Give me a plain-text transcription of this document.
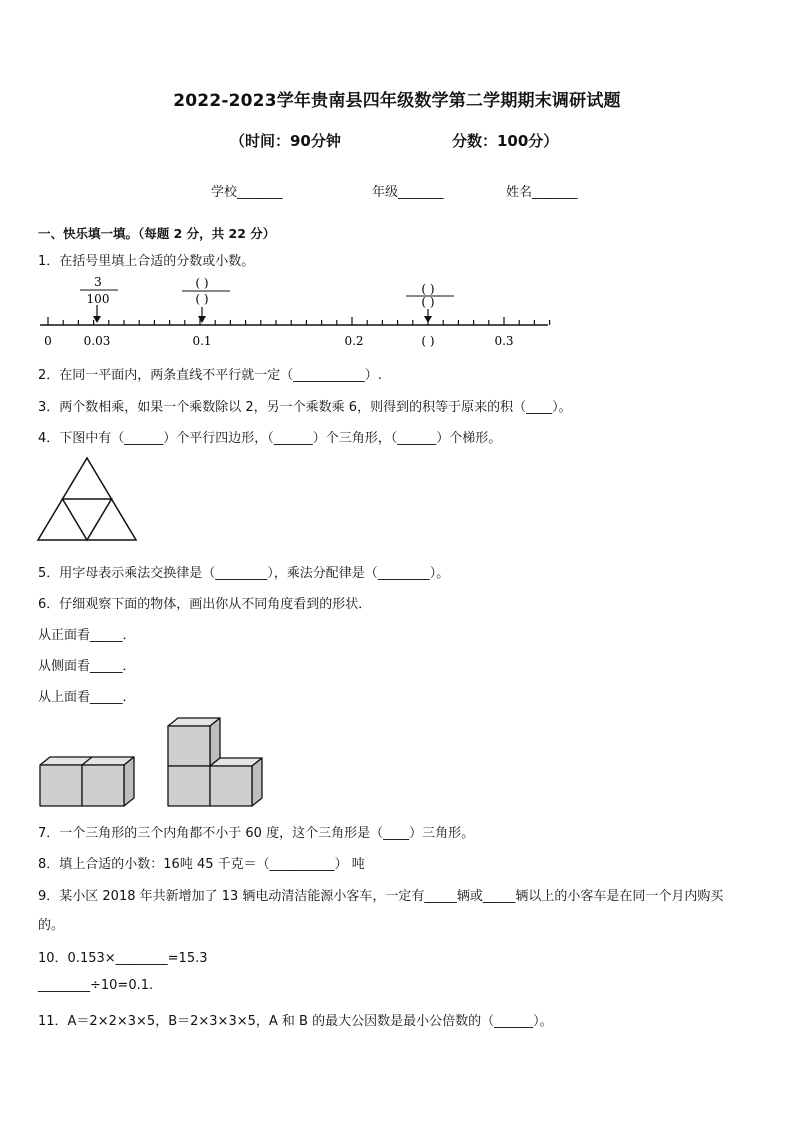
2022-2023学年贵南县四年级数学第二学期期末调研试题
（时间：90分钟	分数：100分）
学校_______	年级_______	姓名_______
一、快乐填一填。（每题 2 分，共 22 分）
1．在括号里填上合适的分数或小数。
3
100
( )
( )
( )
( )
0	0.03	0.1	0.2	( )	0.3
2．在同一平面内，两条直线不平行就一定（___________）.
3．两个数相乘，如果一个乘数除以 2，另一个乘数乘 6，则得到的积等于原来的积（____）。
4．下图中有（______）个平行四边形，（______）个三角形，（______）个梯形。
5．用字母表示乘法交换律是（________），乘法分配律是（________）。
6．仔细观察下面的物体，画出你从不同角度看到的形状．
从正面看_____．
从侧面看_____．
从上面看_____．
7．一个三角形的三个内角都不小于 60 度，这个三角形是（____）三角形。
8．填上合适的小数：16吨 45 千克＝（__________） 吨
9．某小区 2018 年共新增加了 13 辆电动清洁能源小客车，一定有_____辆或_____辆以上的小客车是在同一个月内购买
的。
10．0.153×________=15.3
________÷10=0.1.
11．A＝2×2×3×5，B＝2×3×3×5，A 和 B 的最大公因数是最小公倍数的（______）。
